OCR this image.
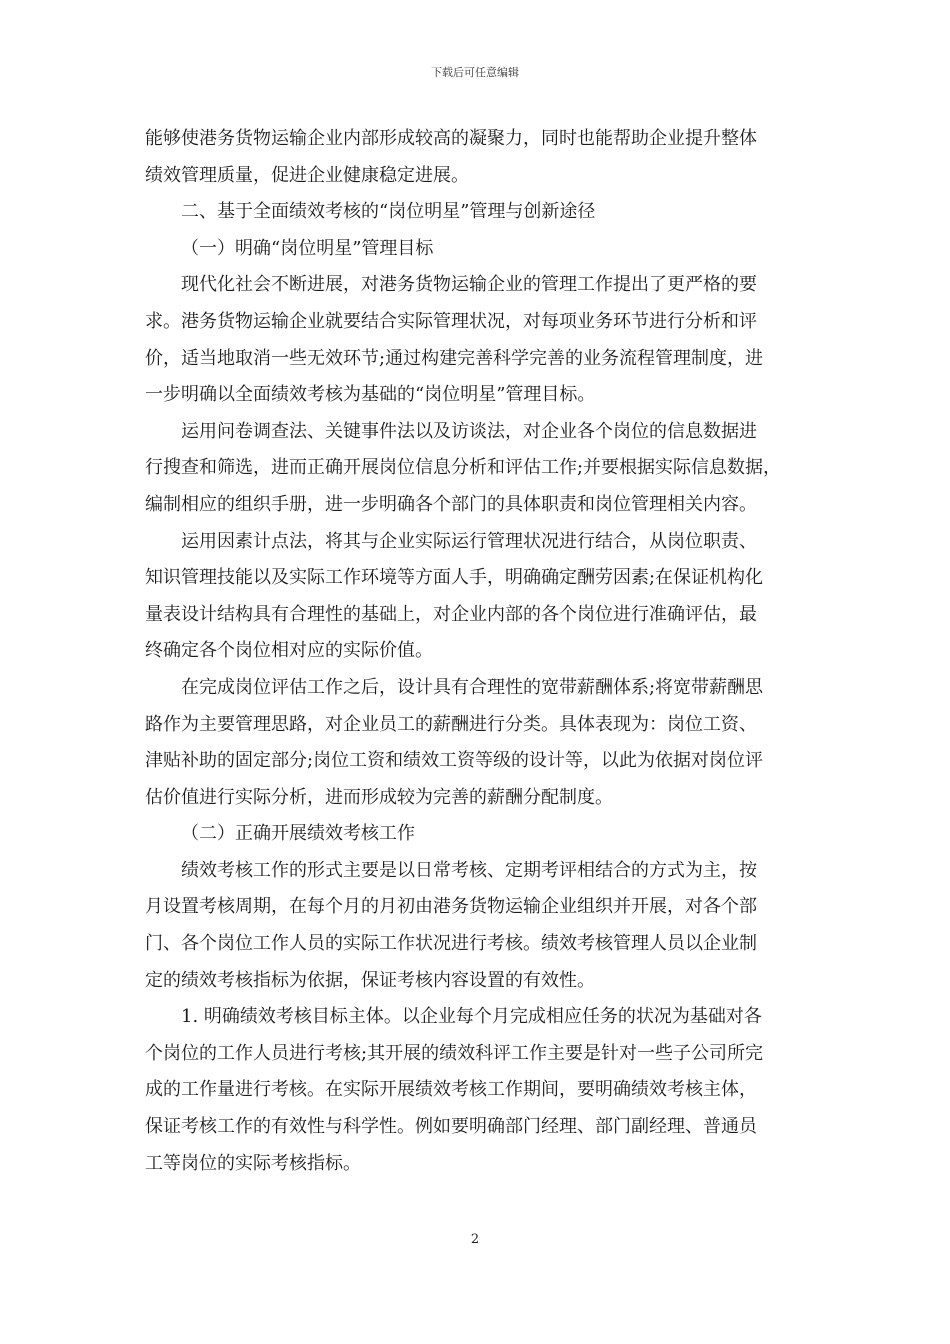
下载后可任意编辑
能够使港务货物运输企业内部形成较高的凝聚力，同时也能帮助企业提升整体
绩效管理质量，促进企业健康稳定进展。
二、基于全面绩效考核的“岗位明星”管理与创新途径
（一）明确“岗位明星”管理目标
现代化社会不断进展，对港务货物运输企业的管理工作提出了更严格的要
求。港务货物运输企业就要结合实际管理状况，对每项业务环节进行分析和评
价，适当地取消一些无效环节;通过构建完善科学完善的业务流程管理制度，进
一步明确以全面绩效考核为基础的“岗位明星”管理目标。
运用问卷调查法、关键事件法以及访谈法，对企业各个岗位的信息数据进
行搜查和筛选，进而正确开展岗位信息分析和评估工作;并要根据实际信息数据，
编制相应的组织手册，进一步明确各个部门的具体职责和岗位管理相关内容。
运用因素计点法，将其与企业实际运行管理状况进行结合，从岗位职责、
知识管理技能以及实际工作环境等方面人手，明确确定酬劳因素;在保证机构化
量表设计结构具有合理性的基础上，对企业内部的各个岗位进行准确评估，最
终确定各个岗位相对应的实际价值。
在完成岗位评估工作之后，设计具有合理性的宽带薪酬体系;将宽带薪酬思
路作为主要管理思路，对企业员工的薪酬进行分类。具体表现为：岗位工资、
津贴补助的固定部分;岗位工资和绩效工资等级的设计等，以此为依据对岗位评
估价值进行实际分析，进而形成较为完善的薪酬分配制度。
（二）正确开展绩效考核工作
绩效考核工作的形式主要是以日常考核、定期考评相结合的方式为主，按
月设置考核周期，在每个月的月初由港务货物运输企业组织并开展，对各个部
门、各个岗位工作人员的实际工作状况进行考核。绩效考核管理人员以企业制
定的绩效考核指标为依据，保证考核内容设置的有效性。
1. 明确绩效考核目标主体。以企业每个月完成相应任务的状况为基础对各
个岗位的工作人员进行考核;其开展的绩效科评工作主要是针对一些子公司所完
成的工作量进行考核。在实际开展绩效考核工作期间，要明确绩效考核主体，
保证考核工作的有效性与科学性。例如要明确部门经理、部门副经理、普通员
工等岗位的实际考核指标。
2
